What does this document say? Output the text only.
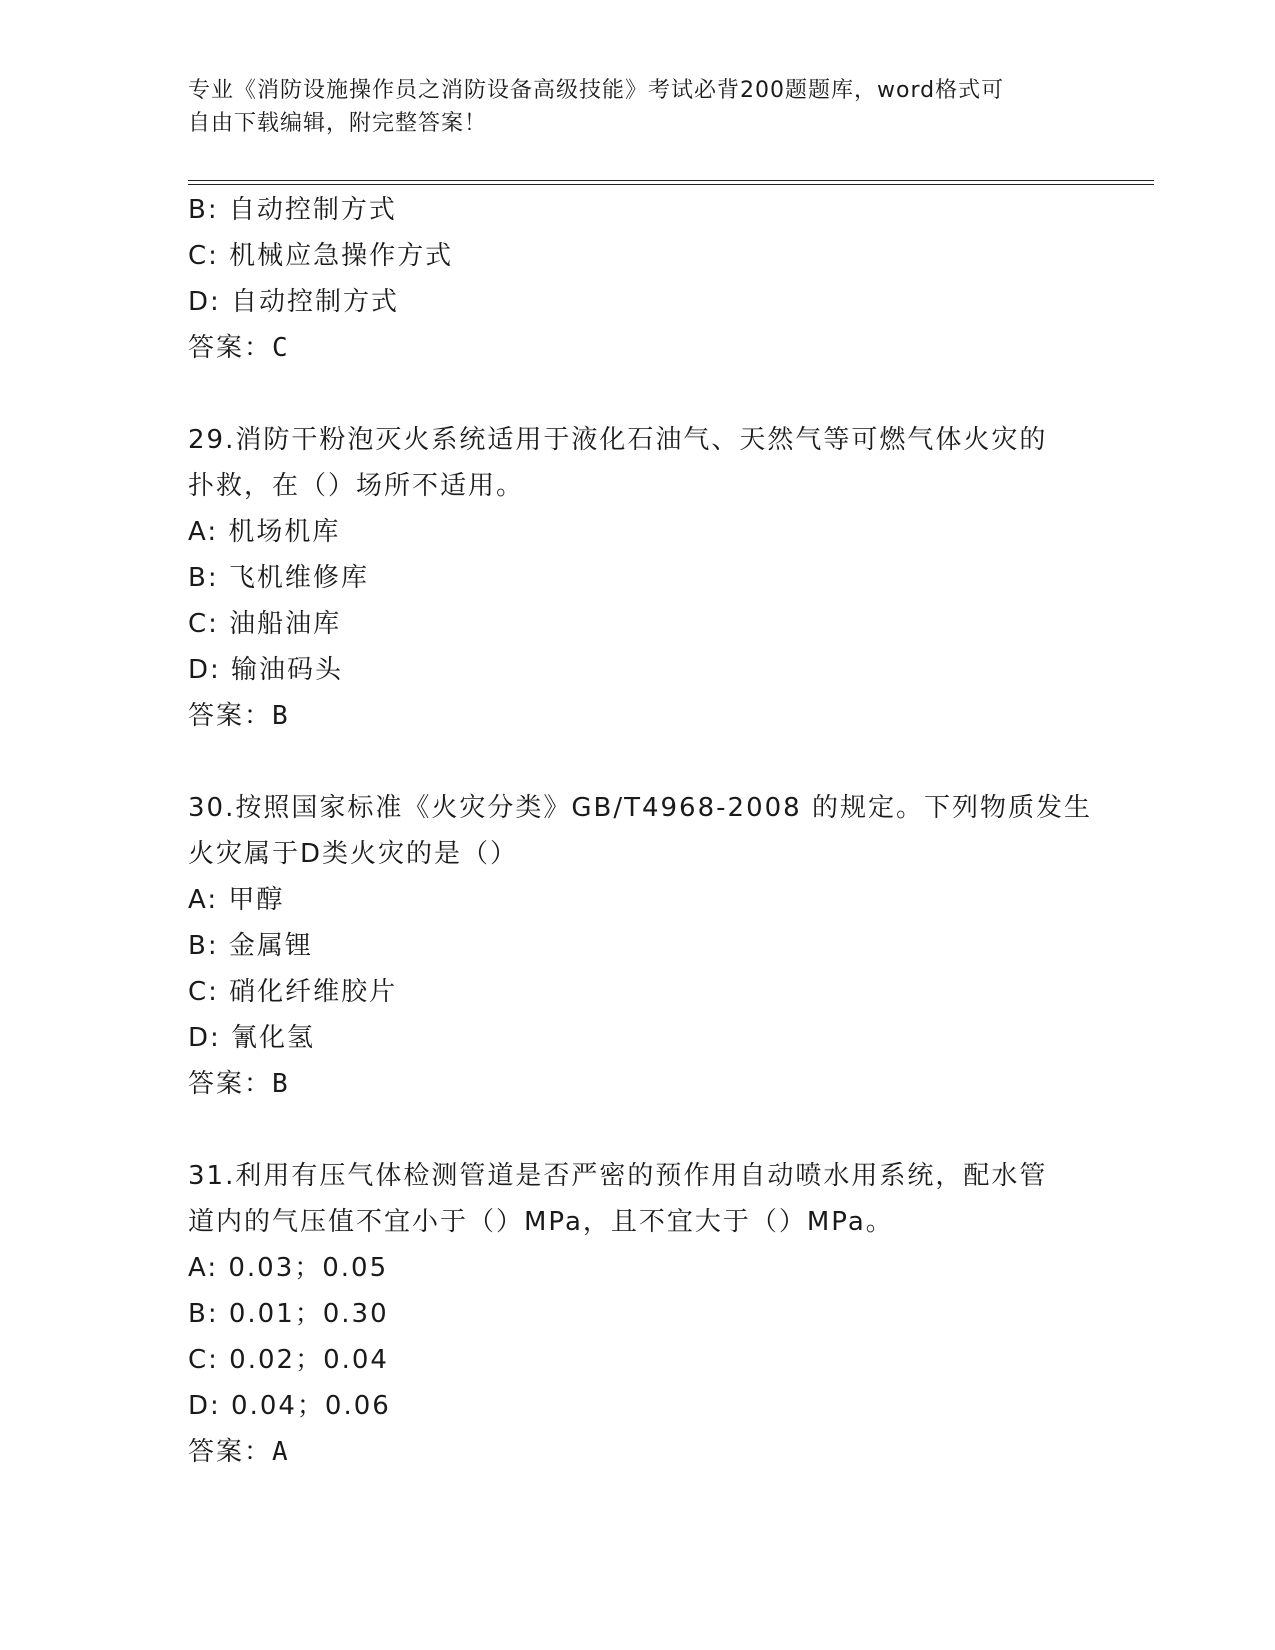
专业《消防设施操作员之消防设备高级技能》考试必背200题题库，word格式可
自由下载编辑，附完整答案！
B: 自动控制方式
C: 机械应急操作方式
D: 自动控制方式
答案：C
29.消防干粉泡灭火系统适用于液化石油气、天然气等可燃气体火灾的
扑救，在（）场所不适用。
A: 机场机库
B: 飞机维修库
C: 油船油库
D: 输油码头
答案：B
30.按照国家标准《火灾分类》GB/T4968-2008 的规定。下列物质发生
火灾属于D类火灾的是（）
A: 甲醇
B: 金属锂
C: 硝化纤维胶片
D: 氰化氢
答案：B
31.利用有压气体检测管道是否严密的预作用自动喷水用系统，配水管
道内的气压值不宜小于（）MPa，且不宜大于（）MPa。
A: 0.03；0.05
B: 0.01；0.30
C: 0.02；0.04
D: 0.04；0.06
答案：A
